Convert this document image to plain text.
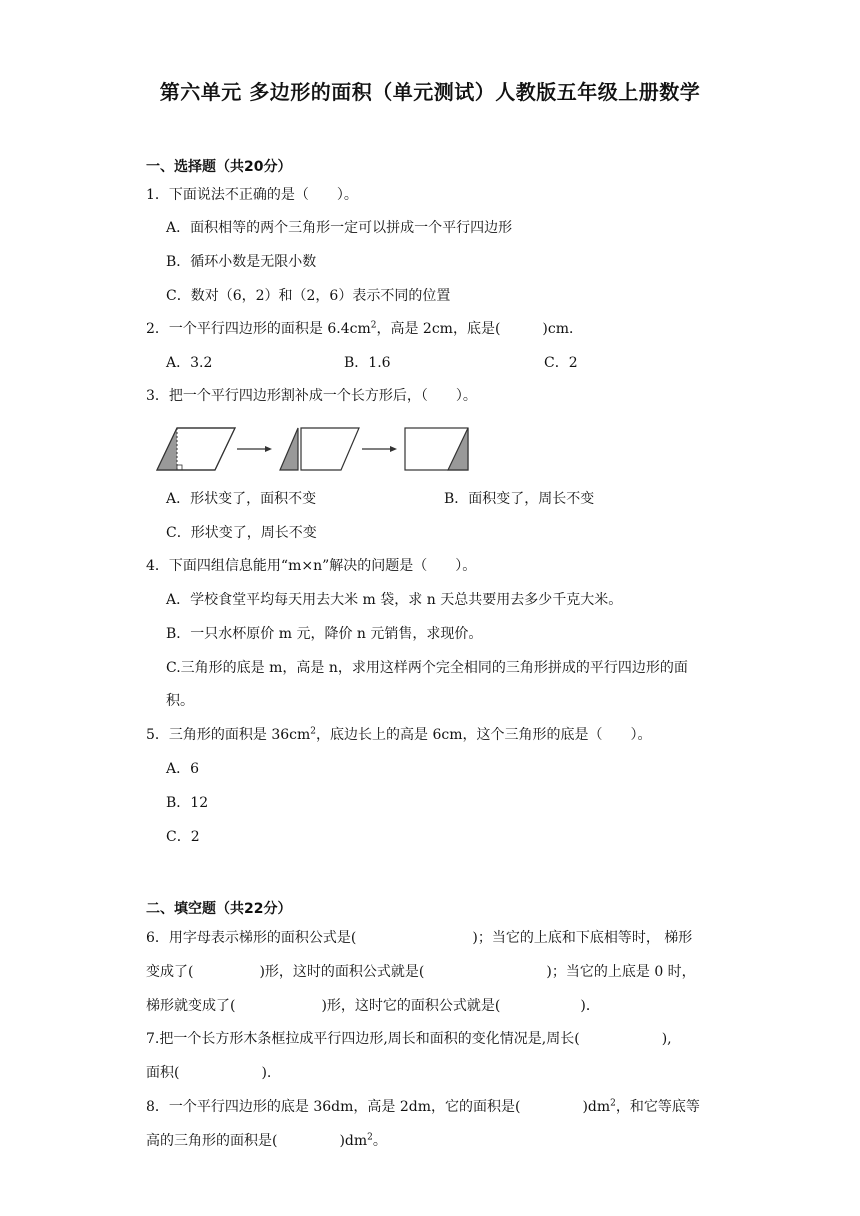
第六单元 多边形的面积（单元测试）人教版五年级上册数学
一、选择题（共20分）
1．下面说法不正确的是（　　）。
A．面积相等的两个三角形一定可以拼成一个平行四边形
B．循环小数是无限小数
C．数对（6，2）和（2，6）表示不同的位置
2．一个平行四边形的面积是 $6.4cm^2$，高是 2cm，底是(　　　)cm．
A．3.2	B．1.6	C．2
3．把一个平行四边形割补成一个长方形后，（　　）。
A．形状变了，面积不变	B．面积变了，周长不变
C．形状变了，周长不变
4．下面四组信息能用“m×n”解决的问题是（　　）。
A．学校食堂平均每天用去大米 m 袋，求 n 天总共要用去多少千克大米。
B．一只水杯原价 m 元，降价 n 元销售，求现价。
C.三角形的底是 m，高是 n，求用这样两个完全相同的三角形拼成的平行四边形的面
积。
5．三角形的面积是 $36cm^2$，底边长上的高是 6cm，这个三角形的底是（　　）。
A．6
B．12
C．2
二、填空题（共22分）
6．用字母表示梯形的面积公式是(	)；当它的上底和下底相等时， 梯形
变成了(	)形，这时的面积公式就是(	)；当它的上底是 0 时，
梯形就变成了(	)形，这时它的面积公式就是(	)．
7.把一个长方形木条框拉成平行四边形,周长和面积的变化情况是,周长(	),
面积(	).
8．一个平行四边形的底是 36dm，高是 2dm，它的面积是(	)$dm^2$，和它等底等
高的三角形的面积是(	)$dm^2$。
